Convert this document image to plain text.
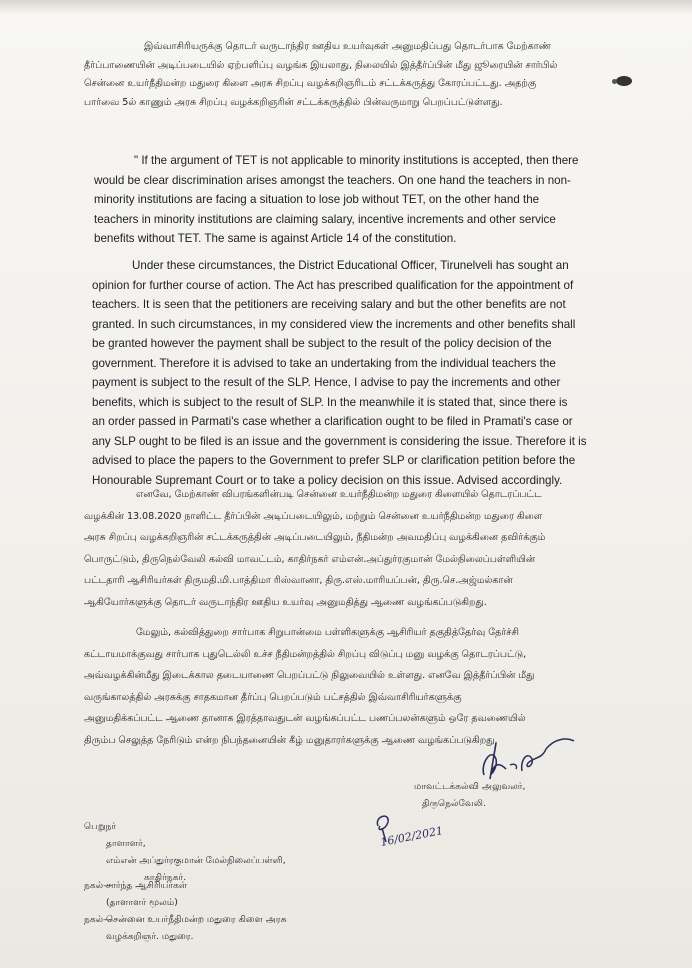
இவ்வாசிரியருக்கு தொடர் வருடாந்திர ஊதிய உயர்வுகள் அனுமதிப்பது தொடர்பாக மேற்காண்
தீர்ப்பாணையின் அடிப்படையில் ஏற்பளிப்பு வழங்க இயலாது, நிலையில் இத்தீர்ப்பின் மீது ஜூரையின் சார்பில்
சென்னை உயர்நீதிமன்ற மதுரை கிளை அரசு சிறப்பு வழக்கறிஞரிடம் சட்டக்கருத்து கோரப்பட்டது. அதற்கு
பார்வை 5ல் காணும் அரசு சிறப்பு வழக்கறிஞரின் சட்டக்கருத்தில் பின்வருமாறு பெறப்பட்டுள்ளது.
" If the argument of TET is not applicable to minority institutions is accepted, then there
would be clear discrimination arises amongst the teachers. On one hand the teachers in non-
minority institutions are facing a situation to lose job without TET, on the other hand the
teachers in minority institutions are claiming salary, incentive increments and other service
benefits without TET. The same is against Article 14 of the constitution.
Under these circumstances, the District Educational Officer, Tirunelveli has sought an
opinion for further course of action. The Act has prescribed qualification for the appointment of
teachers. It is seen that the petitioners are receiving salary and but the other benefits are not
granted. In such circumstances, in my considered view the increments and other benefits shall
be granted however the payment shall be subject to the result of the policy decision of the
government. Therefore it is advised to take an undertaking from the individual teachers the
payment is subject to the result of the SLP. Hence, I advise to pay the increments and other
benefits, which is subject to the result of SLP. In the meanwhile it is stated that, since there is
an order passed in Parmati's case whether a clarification ought to be filed in Pramati's case or
any SLP ought to be filed is an issue and the government is considering the issue. Therefore it is
advised to place the papers to the Government to prefer SLP or clarification petition before the
Honourable Supremant Court or to take a policy decision on this issue. Advised accordingly.
எனவே, மேற்காண் விபரங்களின்படி சென்னை உயர்நீதிமன்ற மதுரை கிளையில் தொடரப்பட்ட
வழக்கின் 13.08.2020 நாளிட்ட தீர்ப்பின் அடிப்படையிலும், மற்றும் சென்னை உயர்நீதிமன்ற மதுரை கிளை
அரசு சிறப்பு வழக்கறிஞரின் சட்டக்கருத்தின் அடிப்படையிலும், நீதிமன்ற அவமதிப்பு வழக்கினை தவிர்க்கும்
பொருட்டும், திருநெல்வேலி கல்வி மாவட்டம், காதிர்நகர் எம்என்.அப்துர்ரகுமான் மேல்நிலைப்பள்ளியின்
பட்டதாரி ஆசிரியர்கள் திருமதி.மி.பாத்திமா ரிஸ்வானா, திரு.எஸ்.மாரியப்பன், திரு.செ.அஜ்மல்கான்
ஆகியோர்களுக்கு தொடர் வருடாந்திர ஊதிய உயர்வு அனுமதித்து ஆணை வழங்கப்படுகிறது.
மேலும், கல்வித்துறை சார்பாக சிறுபான்மை பள்ளிகளுக்கு ஆசிரியர் தகுதித்தேர்வு தேர்ச்சி
கட்டாயமாக்குவது சார்பாக புதுடெல்லி உச்ச நீதிமன்றத்தில் சிறப்பு விடுப்பு மனு வழக்கு தொடரப்பட்டு,
அவ்வழக்கின்மீது இடைக்கால தடையாணை பெறப்பட்டு நிலுவையில் உள்ளது. எனவே இத்தீர்ப்பின் மீது
வருங்காலத்தில் அரசுக்கு சாதகமான தீர்ப்பு பெறப்படும் பட்சத்தில் இவ்வாசிரியர்களுக்கு
அனுமதிக்கப்பட்ட ஆணை தானாக இரத்தாவதுடன் வழங்கப்பட்ட பணப்பலன்களும் ஒரே தவணையில்
திரும்ப செலுத்த நேரிடும் என்ற நிபந்தனையின் கீழ் மனுதாரர்களுக்கு ஆணை வழங்கப்படுகிறது.
மாவட்டக்கல்வி அலுவலர்,
திருநெல்வேலி.
16/02/2021
பெறுநர்
தாளாளர்,
எம்என் அப்துர்ரகுமான் மேல்நிலைப்பள்ளி,
காதிர்நகர்.
நகல்—சார்ந்த ஆசிரியர்கள்
(தாளாளர் மூலம்)
நகல்—சென்னை உயர்நீதிமன்ற மதுரை கிளை அரசு
வழக்கறிஞர். மதுரை.
